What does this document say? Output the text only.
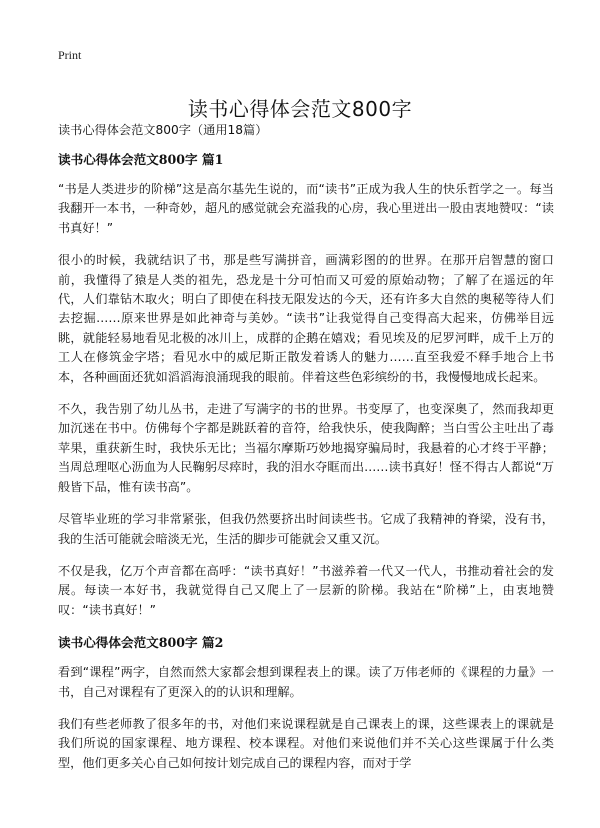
Print
读书心得体会范文800字

读书心得体会范文800字（通用18篇）

读书心得体会范文800字 篇1

“书是人类进步的阶梯”这是高尔基先生说的，而“读书”正成为我人生的快乐哲学之一。每当我翻开一本书，一种奇妙，超凡的感觉就会充溢我的心房，我心里迸出一股由衷地赞叹：“读书真好！”

很小的时候，我就结识了书，那是些写满拼音，画满彩图的的世界。在那开启智慧的窗口前，我懂得了猿是人类的祖先，恐龙是十分可怕而又可爱的原始动物；了解了在遥远的年代，人们靠钻木取火；明白了即使在科技无限发达的今天，还有许多大自然的奥秘等待人们去挖掘……原来世界是如此神奇与美妙。“读书”让我觉得自己变得高大起来，仿佛举目远眺，就能轻易地看见北极的冰川上，成群的企鹅在嬉戏；看见埃及的尼罗河畔，成千上万的工人在修筑金字塔；看见水中的威尼斯正散发着诱人的魅力……直至我爱不释手地合上书本，各种画面还犹如滔滔海浪涌现我的眼前。伴着这些色彩缤纷的书，我慢慢地成长起来。

不久，我告别了幼儿丛书，走进了写满字的书的世界。书变厚了，也变深奥了，然而我却更加沉迷在书中。仿佛每个字都是跳跃着的音符，给我快乐，使我陶醉；当白雪公主吐出了毒苹果，重获新生时，我快乐无比；当福尔摩斯巧妙地揭穿骗局时，我悬着的心才终于平静；当周总理呕心沥血为人民鞠躬尽瘁时，我的泪水夺眶而出……读书真好！怪不得古人都说“万般皆下品，惟有读书高”。

尽管毕业班的学习非常紧张，但我仍然要挤出时间读些书。它成了我精神的脊梁，没有书，我的生活可能就会暗淡无光，生活的脚步可能就会又重又沉。

不仅是我，亿万个声音都在高呼：“读书真好！”书滋养着一代又一代人，书推动着社会的发展。每读一本好书，我就觉得自己又爬上了一层新的阶梯。我站在“阶梯”上，由衷地赞叹：“读书真好！”

读书心得体会范文800字 篇2

看到“课程”两字，自然而然大家都会想到课程表上的课。读了万伟老师的《课程的力量》一书，自己对课程有了更深入的的认识和理解。

我们有些老师教了很多年的书，对他们来说课程就是自己课表上的课，这些课表上的课就是我们所说的国家课程、地方课程、校本课程。对他们来说他们并不关心这些课属于什么类型，他们更多关心自己如何按计划完成自己的课程内容，而对于学
